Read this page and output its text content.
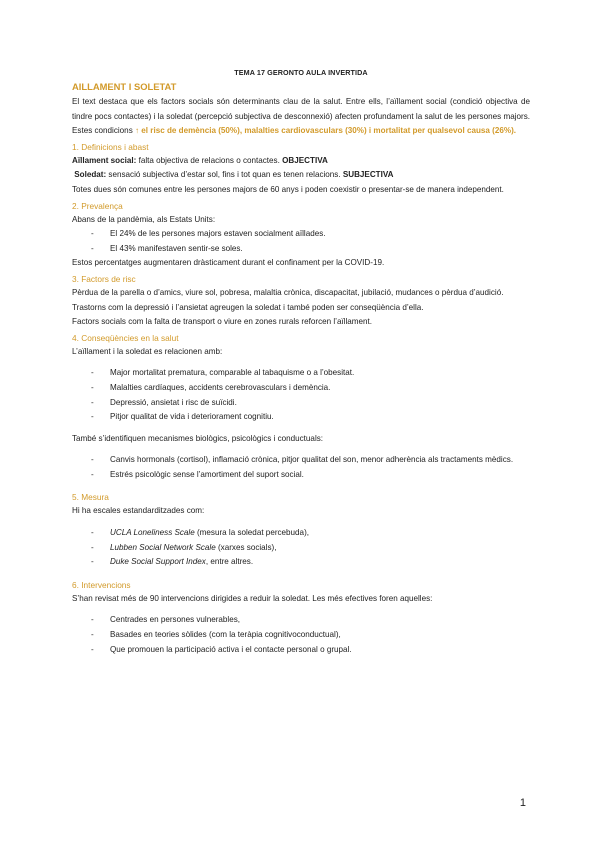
TEMA 17 GERONTO AULA INVERTIDA
AILLAMENT I SOLETAT

El text destaca que els factors socials són determinants clau de la salut. Entre ells, l’aïllament social (condició objectiva de tindre pocs contactes) i la soledat (percepció subjectiva de desconnexió) afecten profundament la salut de les persones majors. Estes condicions ↑ el risc de demència (50%), malalties cardiovasculars (30%) i mortalitat per qualsevol causa (26%).

1. Definicions i abast

Aïllament social: falta objectiva de relacions o contactes. OBJECTIVA

Soledat: sensació subjectiva d’estar sol, fins i tot quan es tenen relacions. SUBJECTIVA

Totes dues són comunes entre les persones majors de 60 anys i poden coexistir o presentar-se de manera independent.

2. Prevalença

Abans de la pandèmia, als Estats Units:

- El 24% de les persones majors estaven socialment aïllades.
- El 43% manifestaven sentir-se soles.

Estos percentatges augmentaren dràsticament durant el confinament per la COVID-19.

3. Factors de risc

Pèrdua de la parella o d’amics, viure sol, pobresa, malaltia crònica, discapacitat, jubilació, mudances o pèrdua d’audició.

Trastorns com la depressió i l’ansietat agreugen la soledat i també poden ser conseqüència d’ella.

Factors socials com la falta de transport o viure en zones rurals reforcen l’aïllament.

4. Conseqüències en la salut

L’aïllament i la soledat es relacionen amb:

- Major mortalitat prematura, comparable al tabaquisme o a l’obesitat.
- Malalties cardíaques, accidents cerebrovasculars i demència.
- Depressió, ansietat i risc de suïcidi.
- Pitjor qualitat de vida i deteriorament cognitiu.

També s’identifiquen mecanismes biològics, psicològics i conductuals:

- Canvis hormonals (cortisol), inflamació crònica, pitjor qualitat del son, menor adherència als tractaments mèdics.
- Estrés psicològic sense l’amortiment del suport social.
5. Mesura

Hi ha escales estandarditzades com:

- UCLA Loneliness Scale (mesura la soledat percebuda),
- Lubben Social Network Scale (xarxes socials),
- Duke Social Support Index, entre altres.
6. Intervencions

S’han revisat més de 90 intervencions dirigides a reduir la soledat. Les més efectives foren aquelles:

- Centrades en persones vulnerables,
- Basades en teories sòlides (com la teràpia cognitivoconductual),
- Que promouen la participació activa i el contacte personal o grupal.
1
